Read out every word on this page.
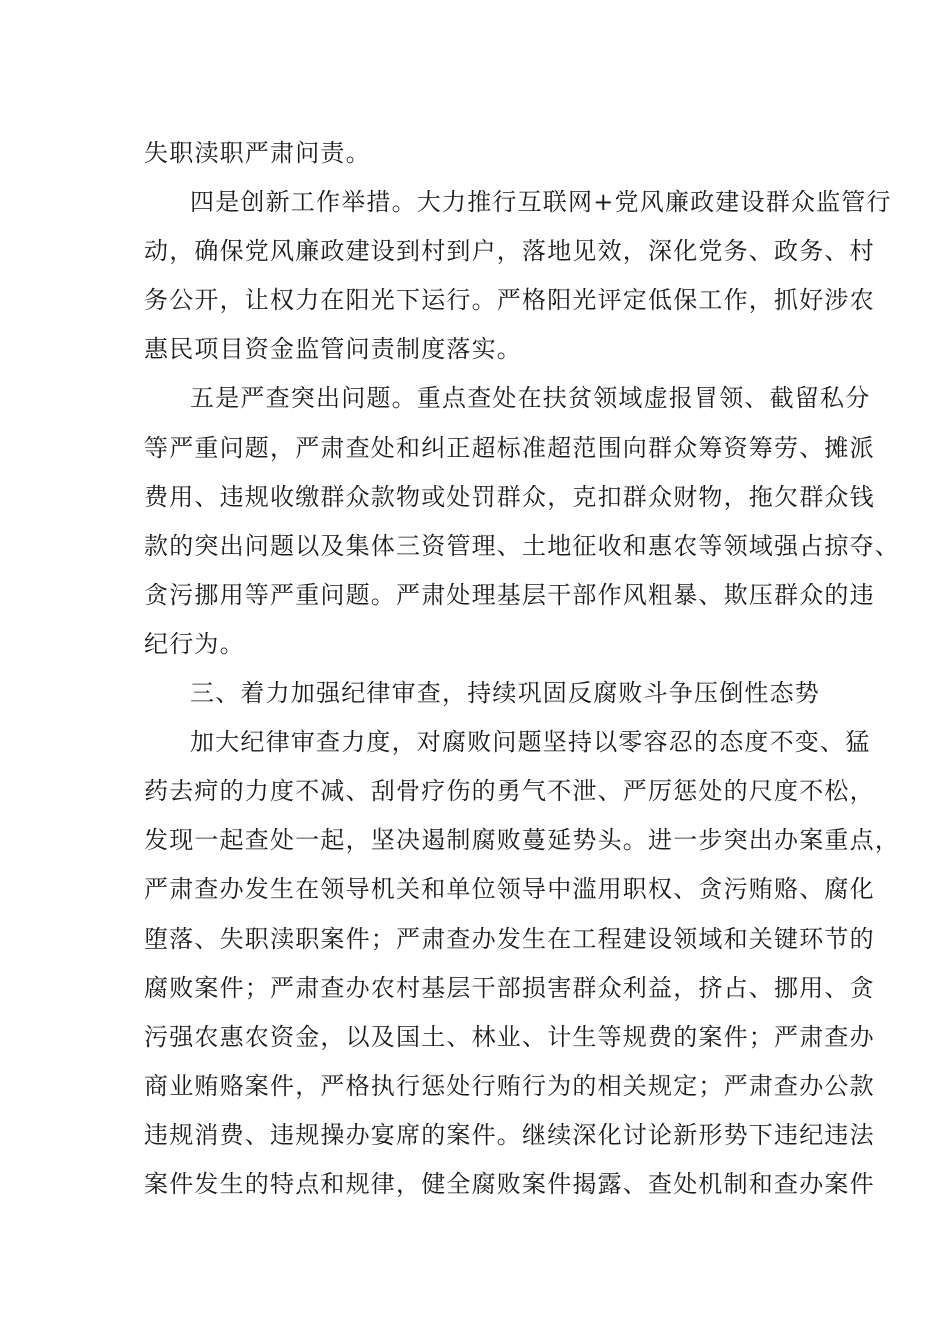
失职渎职严肃问责。
四是创新工作举措。大力推行互联网+党风廉政建设群众监管行
动，确保党风廉政建设到村到户，落地见效，深化党务、政务、村
务公开，让权力在阳光下运行。严格阳光评定低保工作，抓好涉农
惠民项目资金监管问责制度落实。
五是严查突出问题。重点查处在扶贫领域虚报冒领、截留私分
等严重问题，严肃查处和纠正超标准超范围向群众筹资筹劳、摊派
费用、违规收缴群众款物或处罚群众，克扣群众财物，拖欠群众钱
款的突出问题以及集体三资管理、土地征收和惠农等领域强占掠夺、
贪污挪用等严重问题。严肃处理基层干部作风粗暴、欺压群众的违
纪行为。
三、着力加强纪律审查，持续巩固反腐败斗争压倒性态势
加大纪律审查力度，对腐败问题坚持以零容忍的态度不变、猛
药去疴的力度不减、刮骨疗伤的勇气不泄、严厉惩处的尺度不松，
发现一起查处一起，坚决遏制腐败蔓延势头。进一步突出办案重点，
严肃查办发生在领导机关和单位领导中滥用职权、贪污贿赂、腐化
堕落、失职渎职案件；严肃查办发生在工程建设领域和关键环节的
腐败案件；严肃查办农村基层干部损害群众利益，挤占、挪用、贪
污强农惠农资金，以及国土、林业、计生等规费的案件；严肃查办
商业贿赂案件，严格执行惩处行贿行为的相关规定；严肃查办公款
违规消费、违规操办宴席的案件。继续深化讨论新形势下违纪违法
案件发生的特点和规律，健全腐败案件揭露、查处机制和查办案件
